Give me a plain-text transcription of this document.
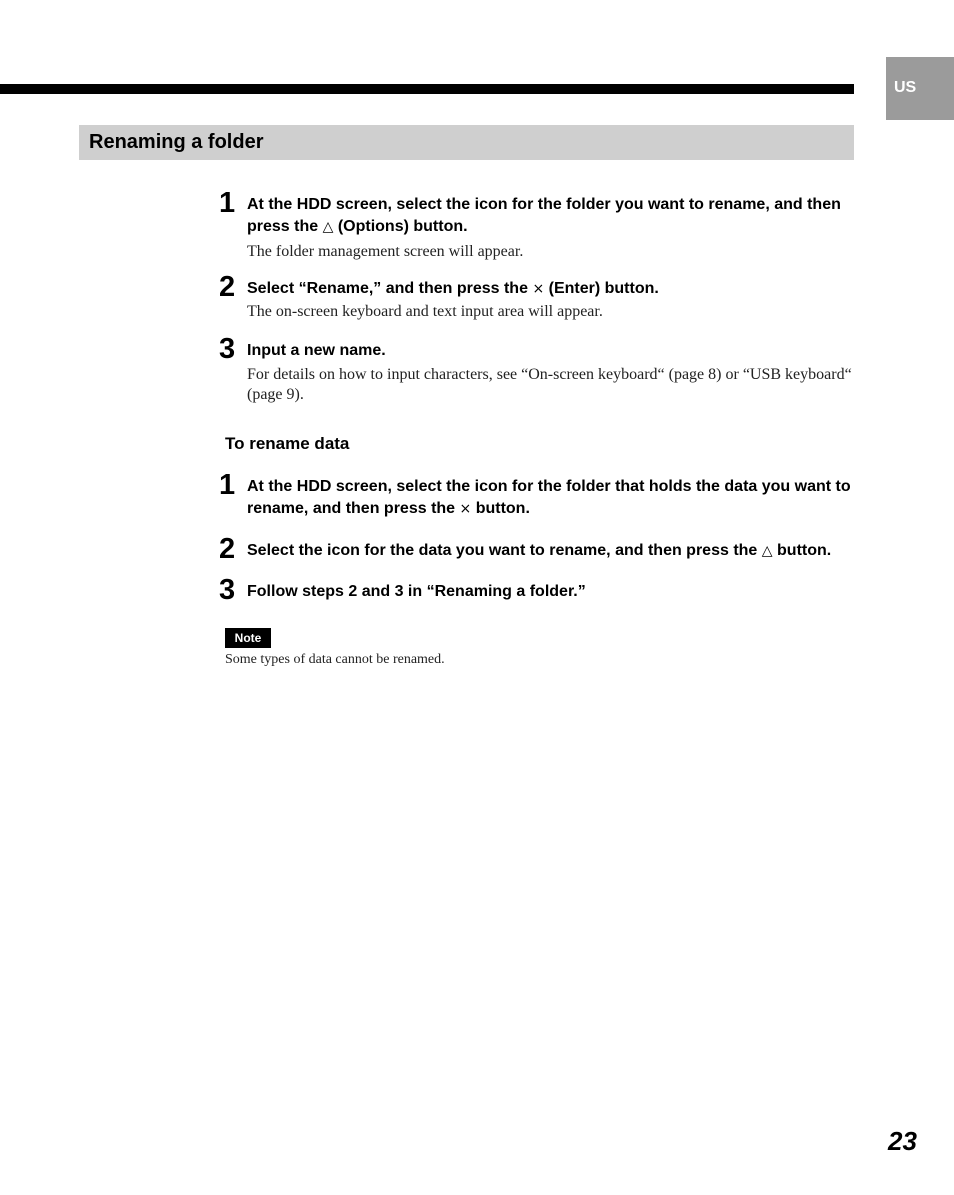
US
Renaming a folder
1 At the HDD screen, select the icon for the folder you want to rename, and then press the △ (Options) button.
The folder management screen will appear.
2 Select “Rename,” and then press the × (Enter) button.
The on-screen keyboard and text input area will appear.
3 Input a new name.
For details on how to input characters, see “On-screen keyboard“ (page 8) or “USB keyboard“ (page 9).
To rename data
1 At the HDD screen, select the icon for the folder that holds the data you want to rename, and then press the × button.
2 Select the icon for the data you want to rename, and then press the △ button.
3 Follow steps 2 and 3 in “Renaming a folder.”
Note
Some types of data cannot be renamed.
23
